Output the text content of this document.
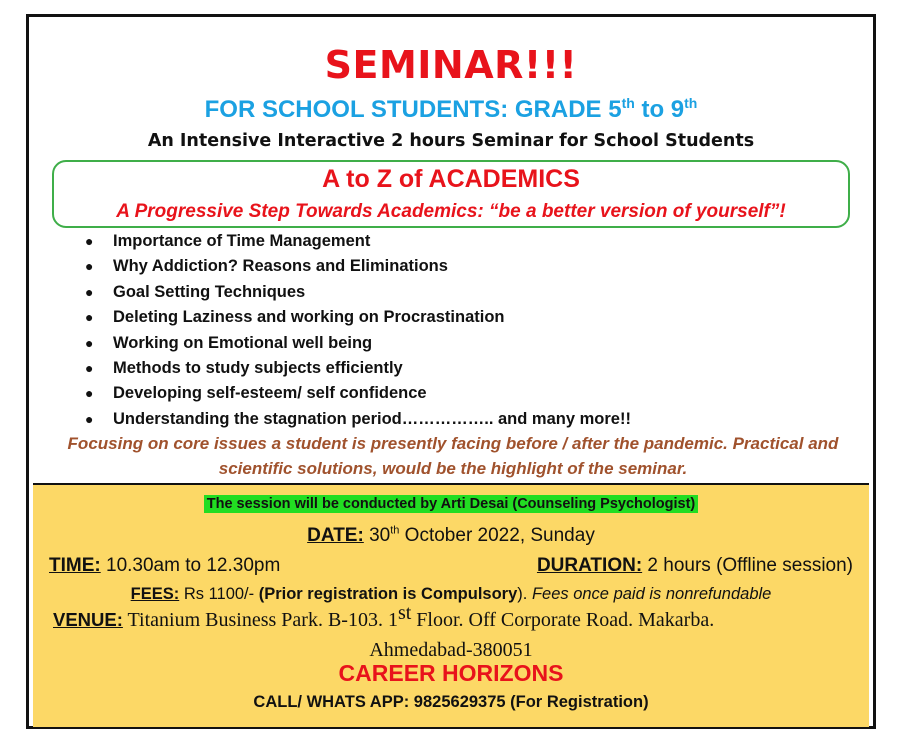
SEMINAR!!!
FOR SCHOOL STUDENTS: GRADE 5th to 9th
An Intensive Interactive 2 hours Seminar for School Students
A to Z of ACADEMICS
A Progressive Step Towards Academics: “be a better version of yourself”!
● Importance of Time Management
● Why Addiction? Reasons and Eliminations
● Goal Setting Techniques
● Deleting Laziness and working on Procrastination
● Working on Emotional well being
● Methods to study subjects efficiently
● Developing self-esteem/ self confidence
● Understanding the stagnation period…………….. and many more!!
Focusing on core issues a student is presently facing before / after the pandemic. Practical and scientific solutions, would be the highlight of the seminar.
The session will be conducted by Arti Desai (Counseling Psychologist)
DATE: 30th October 2022, Sunday
TIME: 10.30am to 12.30pm	DURATION: 2 hours (Offline session)
FEES: Rs 1100/- (Prior registration is Compulsory). Fees once paid is nonrefundable
VENUE: Titanium Business Park. B-103. 1st Floor. Off Corporate Road. Makarba.
Ahmedabad-380051
CAREER HORIZONS
CALL/ WHATS APP: 9825629375 (For Registration)
